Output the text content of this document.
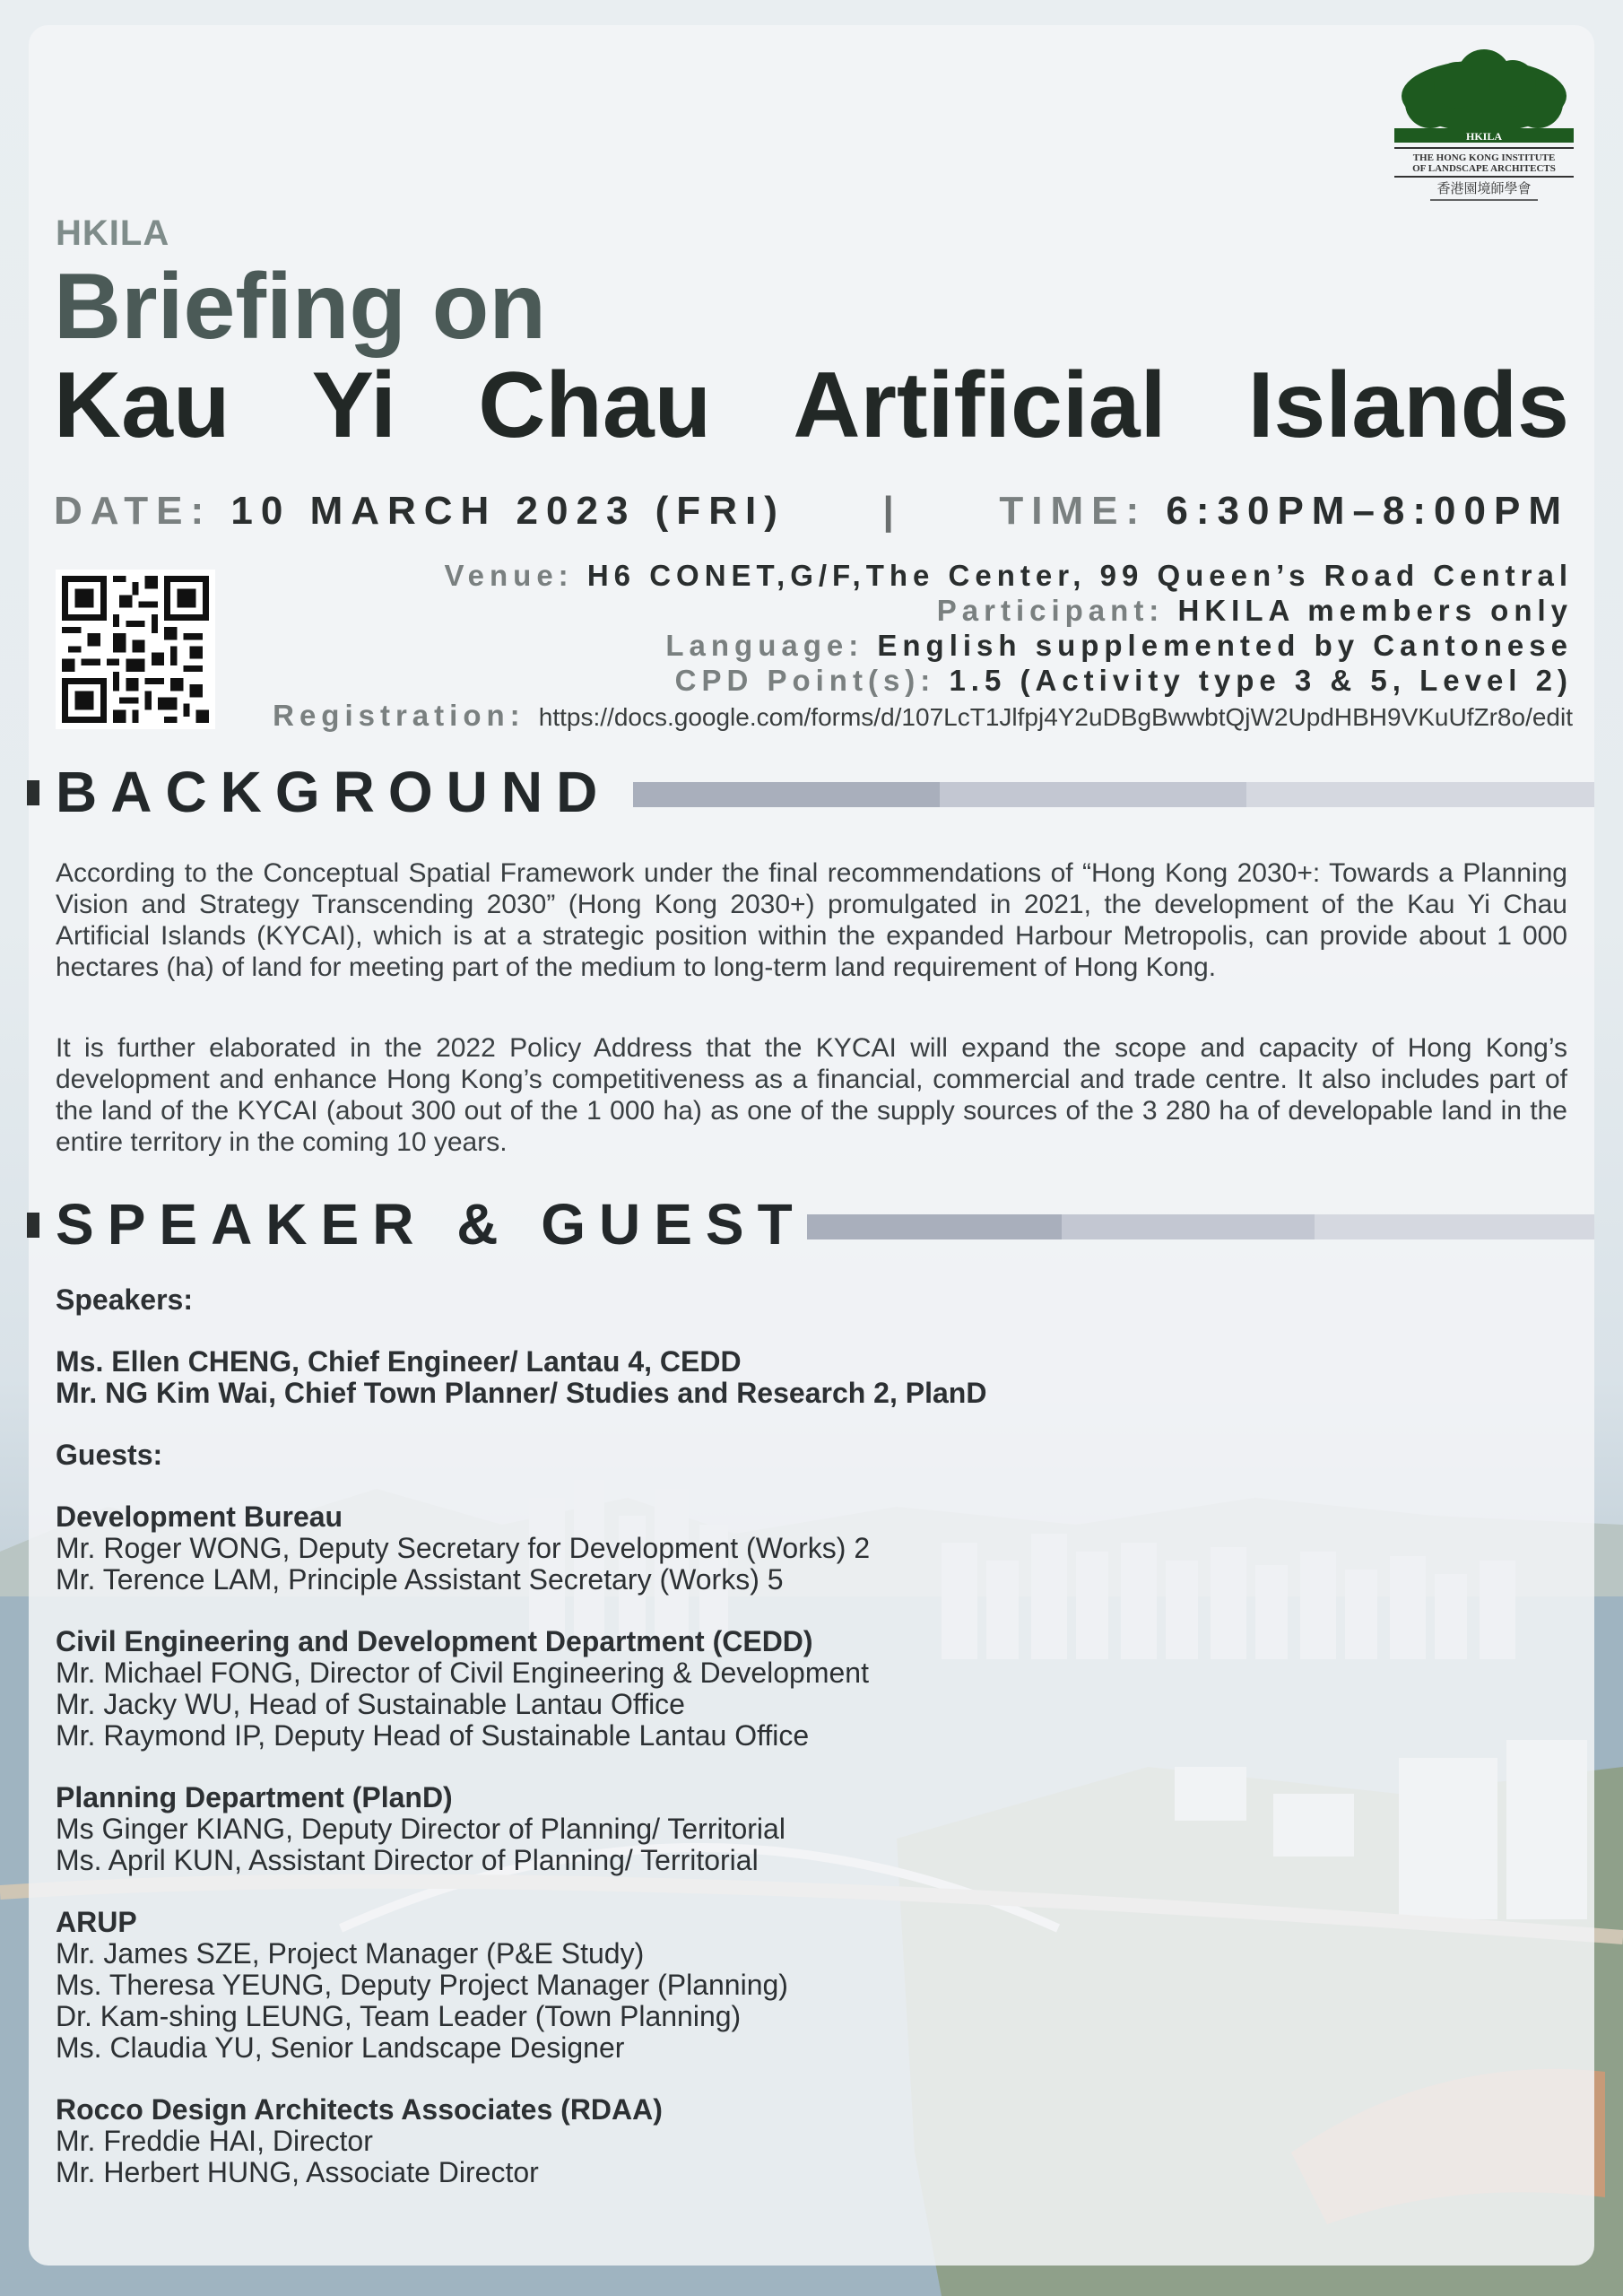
HKILA
THE HONG KONG INSTITUTE OF LANDSCAPE ARCHITECTS
香港園境師學會
HKILA
Briefing on
Kau Yi Chau Artificial Islands
DATE: 10 MARCH 2023 (FRI) | TIME: 6:30PM–8:00PM
Venue: H6 CONET,G/F,The Center, 99 Queen’s Road Central
Participant: HKILA members only
Language: English supplemented by Cantonese
CPD Point(s): 1.5 (Activity type 3 & 5, Level 2)
Registration: https://docs.google.com/forms/d/107LcT1Jlfpj4Y2uDBgBwwbtQjW2UpdHBH9VKuUfZr8o/edit
BACKGROUND

According to the Conceptual Spatial Framework under the final recommendations of “Hong Kong 2030+: Towards a Planning Vision and Strategy Transcending 2030” (Hong Kong 2030+) promulgated in 2021, the development of the Kau Yi Chau Artificial Islands (KYCAI), which is at a strategic position within the expanded Harbour Metropolis, can provide about 1 000 hectares (ha) of land for meeting part of the medium to long-term land requirement of Hong Kong.

It is further elaborated in the 2022 Policy Address that the KYCAI will expand the scope and capacity of Hong Kong’s development and enhance Hong Kong’s competitiveness as a financial, commercial and trade centre. It also includes part of the land of the KYCAI (about 300 out of the 1 000 ha) as one of the supply sources of the 3 280 ha of developable land in the entire territory in the coming 10 years.

SPEAKER & GUEST
Speakers:
Ms. Ellen CHENG, Chief Engineer/ Lantau 4, CEDD
Mr. NG Kim Wai, Chief Town Planner/ Studies and Research 2, PlanD
Guests:
Development Bureau
Mr. Roger WONG, Deputy Secretary for Development (Works) 2
Mr. Terence LAM, Principle Assistant Secretary (Works) 5
Civil Engineering and Development Department (CEDD)
Mr. Michael FONG, Director of Civil Engineering & Development
Mr. Jacky WU, Head of Sustainable Lantau Office
Mr. Raymond IP, Deputy Head of Sustainable Lantau Office
Planning Department (PlanD)
Ms Ginger KIANG, Deputy Director of Planning/ Territorial
Ms. April KUN, Assistant Director of Planning/ Territorial
ARUP
Mr. James SZE, Project Manager (P&E Study)
Ms. Theresa YEUNG, Deputy Project Manager (Planning)
Dr. Kam-shing LEUNG, Team Leader (Town Planning)
Ms. Claudia YU, Senior Landscape Designer
Rocco Design Architects Associates (RDAA)
Mr. Freddie HAI, Director
Mr. Herbert HUNG, Associate Director
